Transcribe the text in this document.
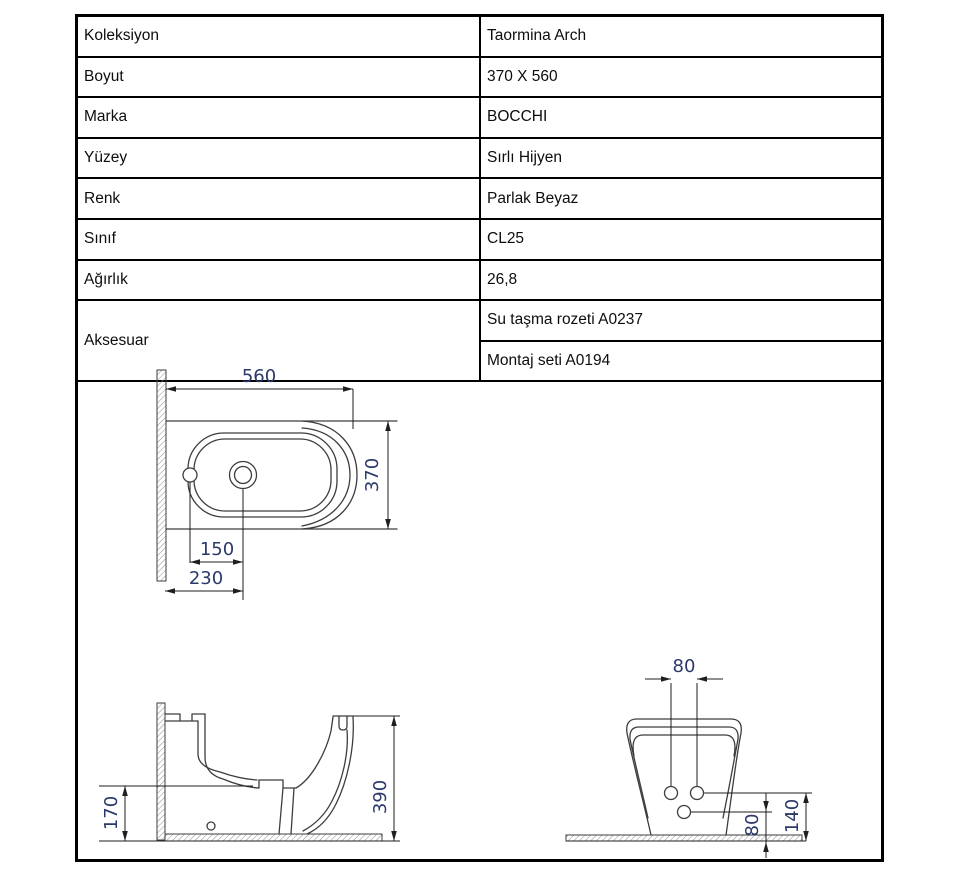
Koleksiyon	Taormina Arch
Boyut	370 X 560
Marka	BOCCHI
Yüzey	Sırlı Hijyen
Renk	Parlak Beyaz
Sınıf	CL25
Ağırlık	26,8
Aksesuar	Su taşma rozeti A0237
	Montaj seti A0194
560
370
150
230
170	390
80
140
80
